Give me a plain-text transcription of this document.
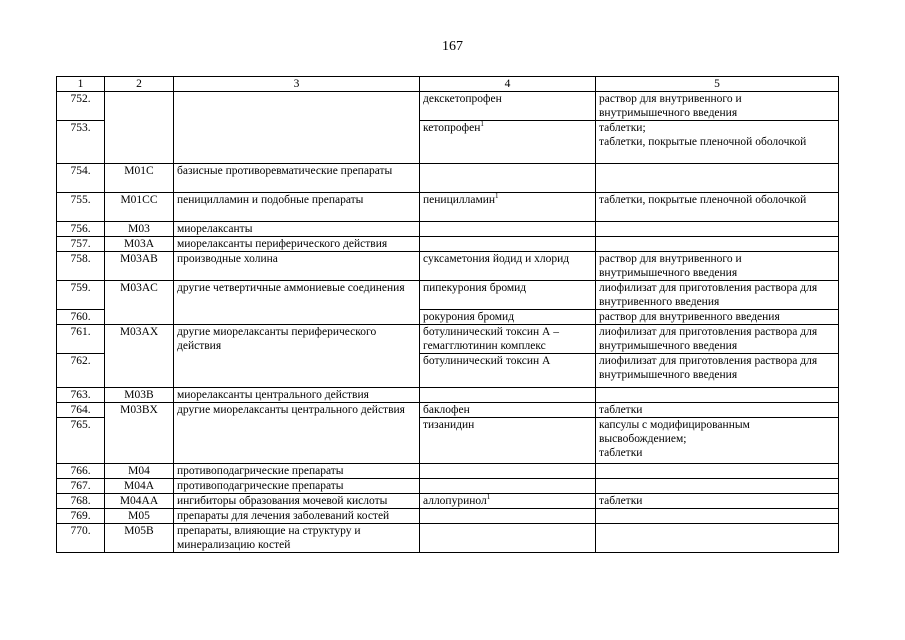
167
1	2	3	4	5
752.			декскетопрофен	раствор для внутривенного и внутримышечного введения
753.			кетопрофен$^1$	таблетки;
таблетки, покрытые пленочной оболочкой
754.	M01C	базисные противоревматические препараты		
755.	M01CC	пеницилламин и подобные препараты	пеницилламин$^1$	таблетки, покрытые пленочной оболочкой
756.	M03	миорелаксанты		
757.	M03A	миорелаксанты периферического действия		
758.	M03AB	производные холина	суксаметония йодид и хлорид	раствор для внутривенного и внутримышечного введения
759.	M03AC	другие четвертичные аммониевые соединения	пипекурония бромид	лиофилизат для приготовления раствора для внутривенного введения
760.			рокурония бромид	раствор для внутривенного введения
761.	M03AX	другие миорелаксанты периферического действия	ботулинический токсин А – гемагглютинин комплекс	лиофилизат для приготовления раствора для внутримышечного введения
762.			ботулинический токсин А	лиофилизат для приготовления раствора для внутримышечного введения
763.	M03B	миорелаксанты центрального действия		
764.	M03BX	другие миорелаксанты центрального действия	баклофен	таблетки
765.			тизанидин	капсулы с модифицированным высвобождением;
таблетки
766.	M04	противоподагрические препараты		
767.	M04A	противоподагрические препараты		
768.	M04AA	ингибиторы образования мочевой кислоты	аллопуринол$^1$	таблетки
769.	M05	препараты для лечения заболеваний костей		
770.	M05B	препараты, влияющие на структуру и минерализацию костей		
